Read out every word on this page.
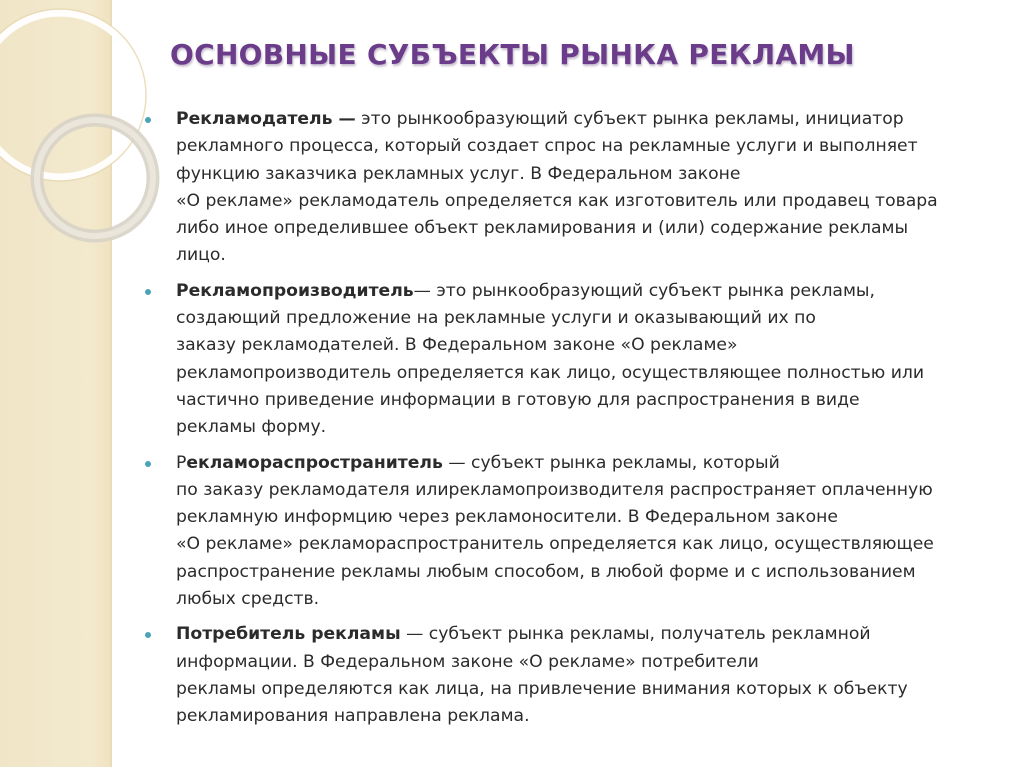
ОСНОВНЫЕ СУБЪЕКТЫ РЫНКА РЕКЛАМЫ
Рекламодатель — это рынкообразующий субъект рынка рекламы, инициатор
рекламного процесса, который создает спрос на рекламные услуги и выполняет
функцию заказчика рекламных услуг. В Федеральном законе
«О рекламе» рекламодатель определяется как изготовитель или продавец товара
либо иное определившее объект рекламирования и (или) содержание рекламы
лицо.
Рекламопроизводитель— это рынкообразующий субъект рынка рекламы,
создающий предложение на рекламные услуги и оказывающий их по
заказу рекламодателей. В Федеральном законе «О рекламе»
рекламопроизводитель определяется как лицо, осуществляющее полностью или
частично приведение информации в готовую для распространения в виде
рекламы форму.
Рекламораспространитель — субъект рынка рекламы, который
по заказу рекламодателя илирекламопроизводителя распространяет оплаченную
рекламную информцию через рекламоносители. В Федеральном законе
«О рекламе» рекламораспространитель определяется как лицо, осуществляющее
распространение рекламы любым способом, в любой форме и с использованием
любых средств.
Потребитель рекламы — субъект рынка рекламы, получатель рекламной
информации. В Федеральном законе «О рекламе» потребители
рекламы определяются как лица, на привлечение внимания которых к объекту
рекламирования направлена реклама.
